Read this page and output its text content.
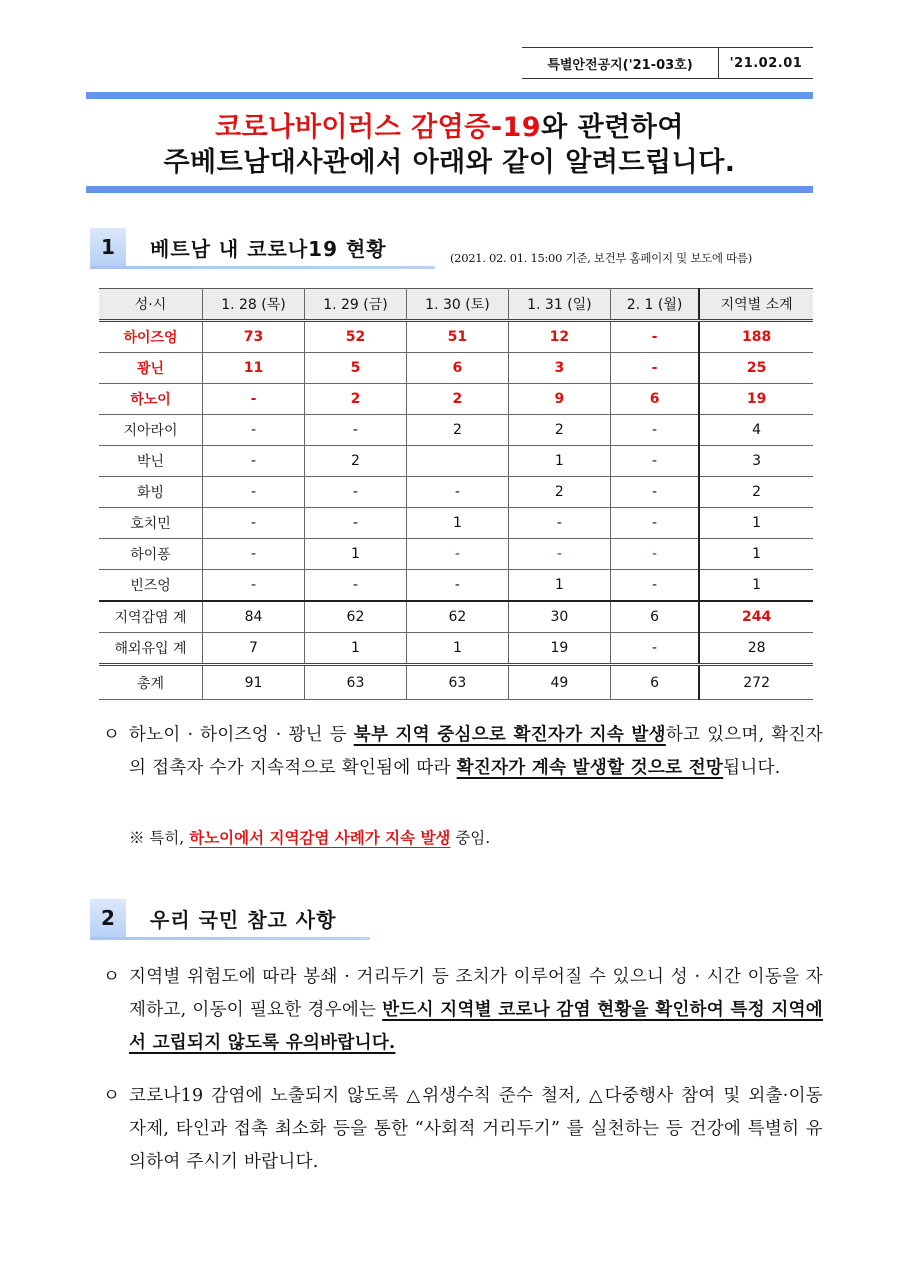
특별안전공지('21-03호)	'21.02.01
코로나바이러스 감염증-19와 관련하여
주베트남대사관에서 아래와 같이 알려드립니다.
1	베트남 내 코로나19 현황	(2021. 02. 01. 15:00 기준, 보건부 홈페이지 및 보도에 따름)
성·시	1. 28 (목)	1. 29 (금)	1. 30 (토)	1. 31 (일)	2. 1 (월)	지역별 소계
하이즈엉	73	52	51	12	-	188
꽝닌	11	5	6	3	-	25
하노이	-	2	2	9	6	19
지아라이	-	-	2	2	-	4
박닌	-	2		1	-	3
화빙	-	-	-	2	-	2
호치민	-	-	1	-	-	1
하이퐁	-	1	-	-	-	1
빈즈엉	-	-	-	1	-	1
지역감염 계	84	62	62	30	6	244
해외유입 계	7	1	1	19	-	28
총계	91	63	63	49	6	272
ㅇ 하노이 · 하이즈엉 · 꽝닌 등 북부 지역 중심으로 확진자가 지속 발생하고 있으며, 확진자의 접촉자 수가 지속적으로 확인됨에 따라 확진자가 계속 발생할 것으로 전망됩니다.
※ 특히, 하노이에서 지역감염 사례가 지속 발생 중임.
2	우리 국민 참고 사항
ㅇ 지역별 위험도에 따라 봉쇄 · 거리두기 등 조치가 이루어질 수 있으니 성 · 시간 이동을 자제하고, 이동이 필요한 경우에는 반드시 지역별 코로나 감염 현황을 확인하여 특정 지역에서 고립되지 않도록 유의바랍니다.
ㅇ 코로나19 감염에 노출되지 않도록 △위생수칙 준수 철저, △다중행사 참여 및 외출·이동 자제, 타인과 접촉 최소화 등을 통한 “사회적 거리두기” 를 실천하는 등 건강에 특별히 유의하여 주시기 바랍니다.
